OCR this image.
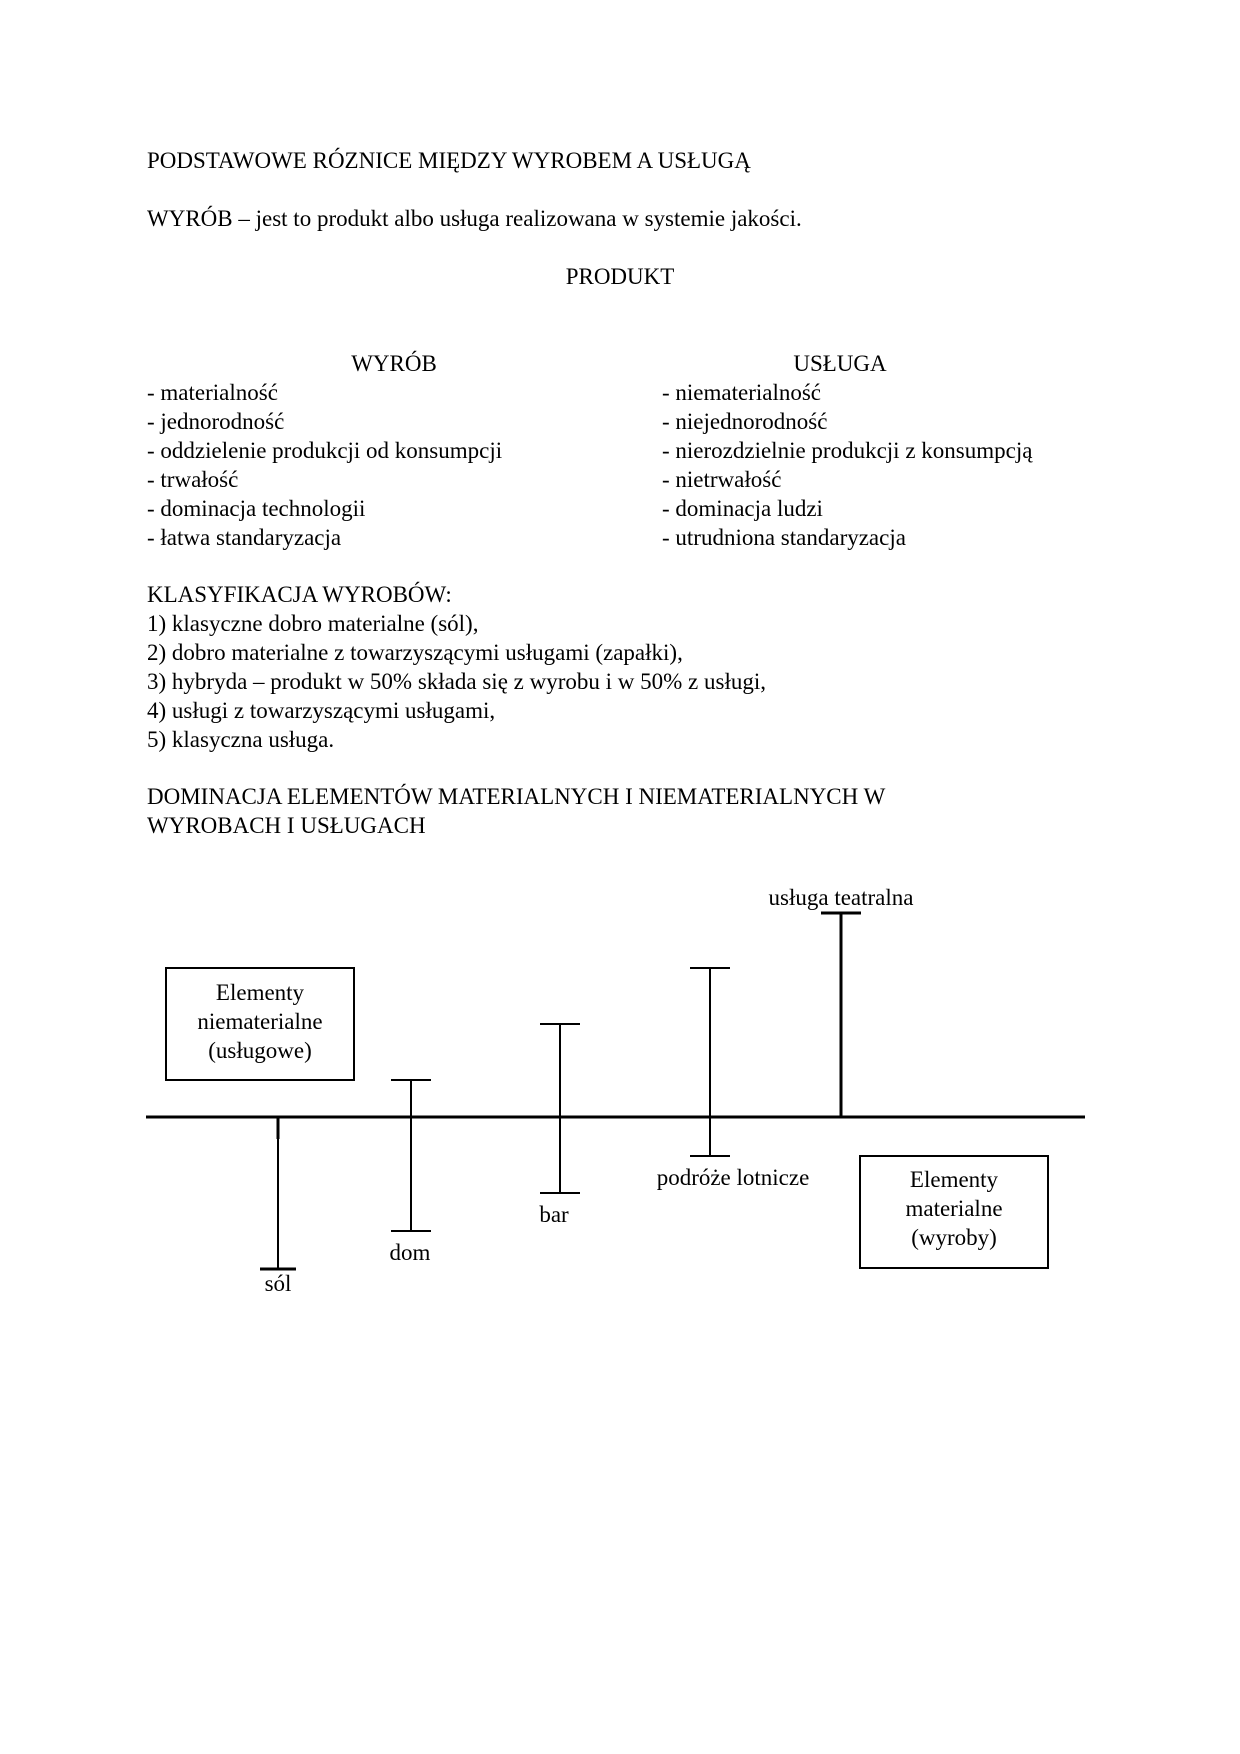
PODSTAWOWE RÓZNICE MIĘDZY WYROBEM A USŁUGĄ
WYRÓB – jest to produkt albo usługa realizowana w systemie jakości.
PRODUKT
WYRÓB	USŁUGA
- materialność
- jednorodność
- oddzielenie produkcji od konsumpcji
- trwałość
- dominacja technologii
- łatwa standaryzacja
- niematerialność
- niejednorodność
- nierozdzielnie produkcji z konsumpcją
- nietrwałość
- dominacja ludzi
- utrudniona standaryzacja
KLASYFIKACJA WYROBÓW:
1) klasyczne dobro materialne (sól),
2) dobro materialne z towarzyszącymi usługami (zapałki),
3) hybryda – produkt w 50% składa się z wyrobu i w 50% z usługi,
4) usługi z towarzyszącymi usługami,
5) klasyczna usługa.
DOMINACJA ELEMENTÓW MATERIALNYCH I NIEMATERIALNYCH W
WYROBACH I USŁUGACH
Elementy
niematerialne
(usługowe)
Elementy
materialne
(wyroby)
sól
dom
bar
podróże lotnicze
usługa teatralna
